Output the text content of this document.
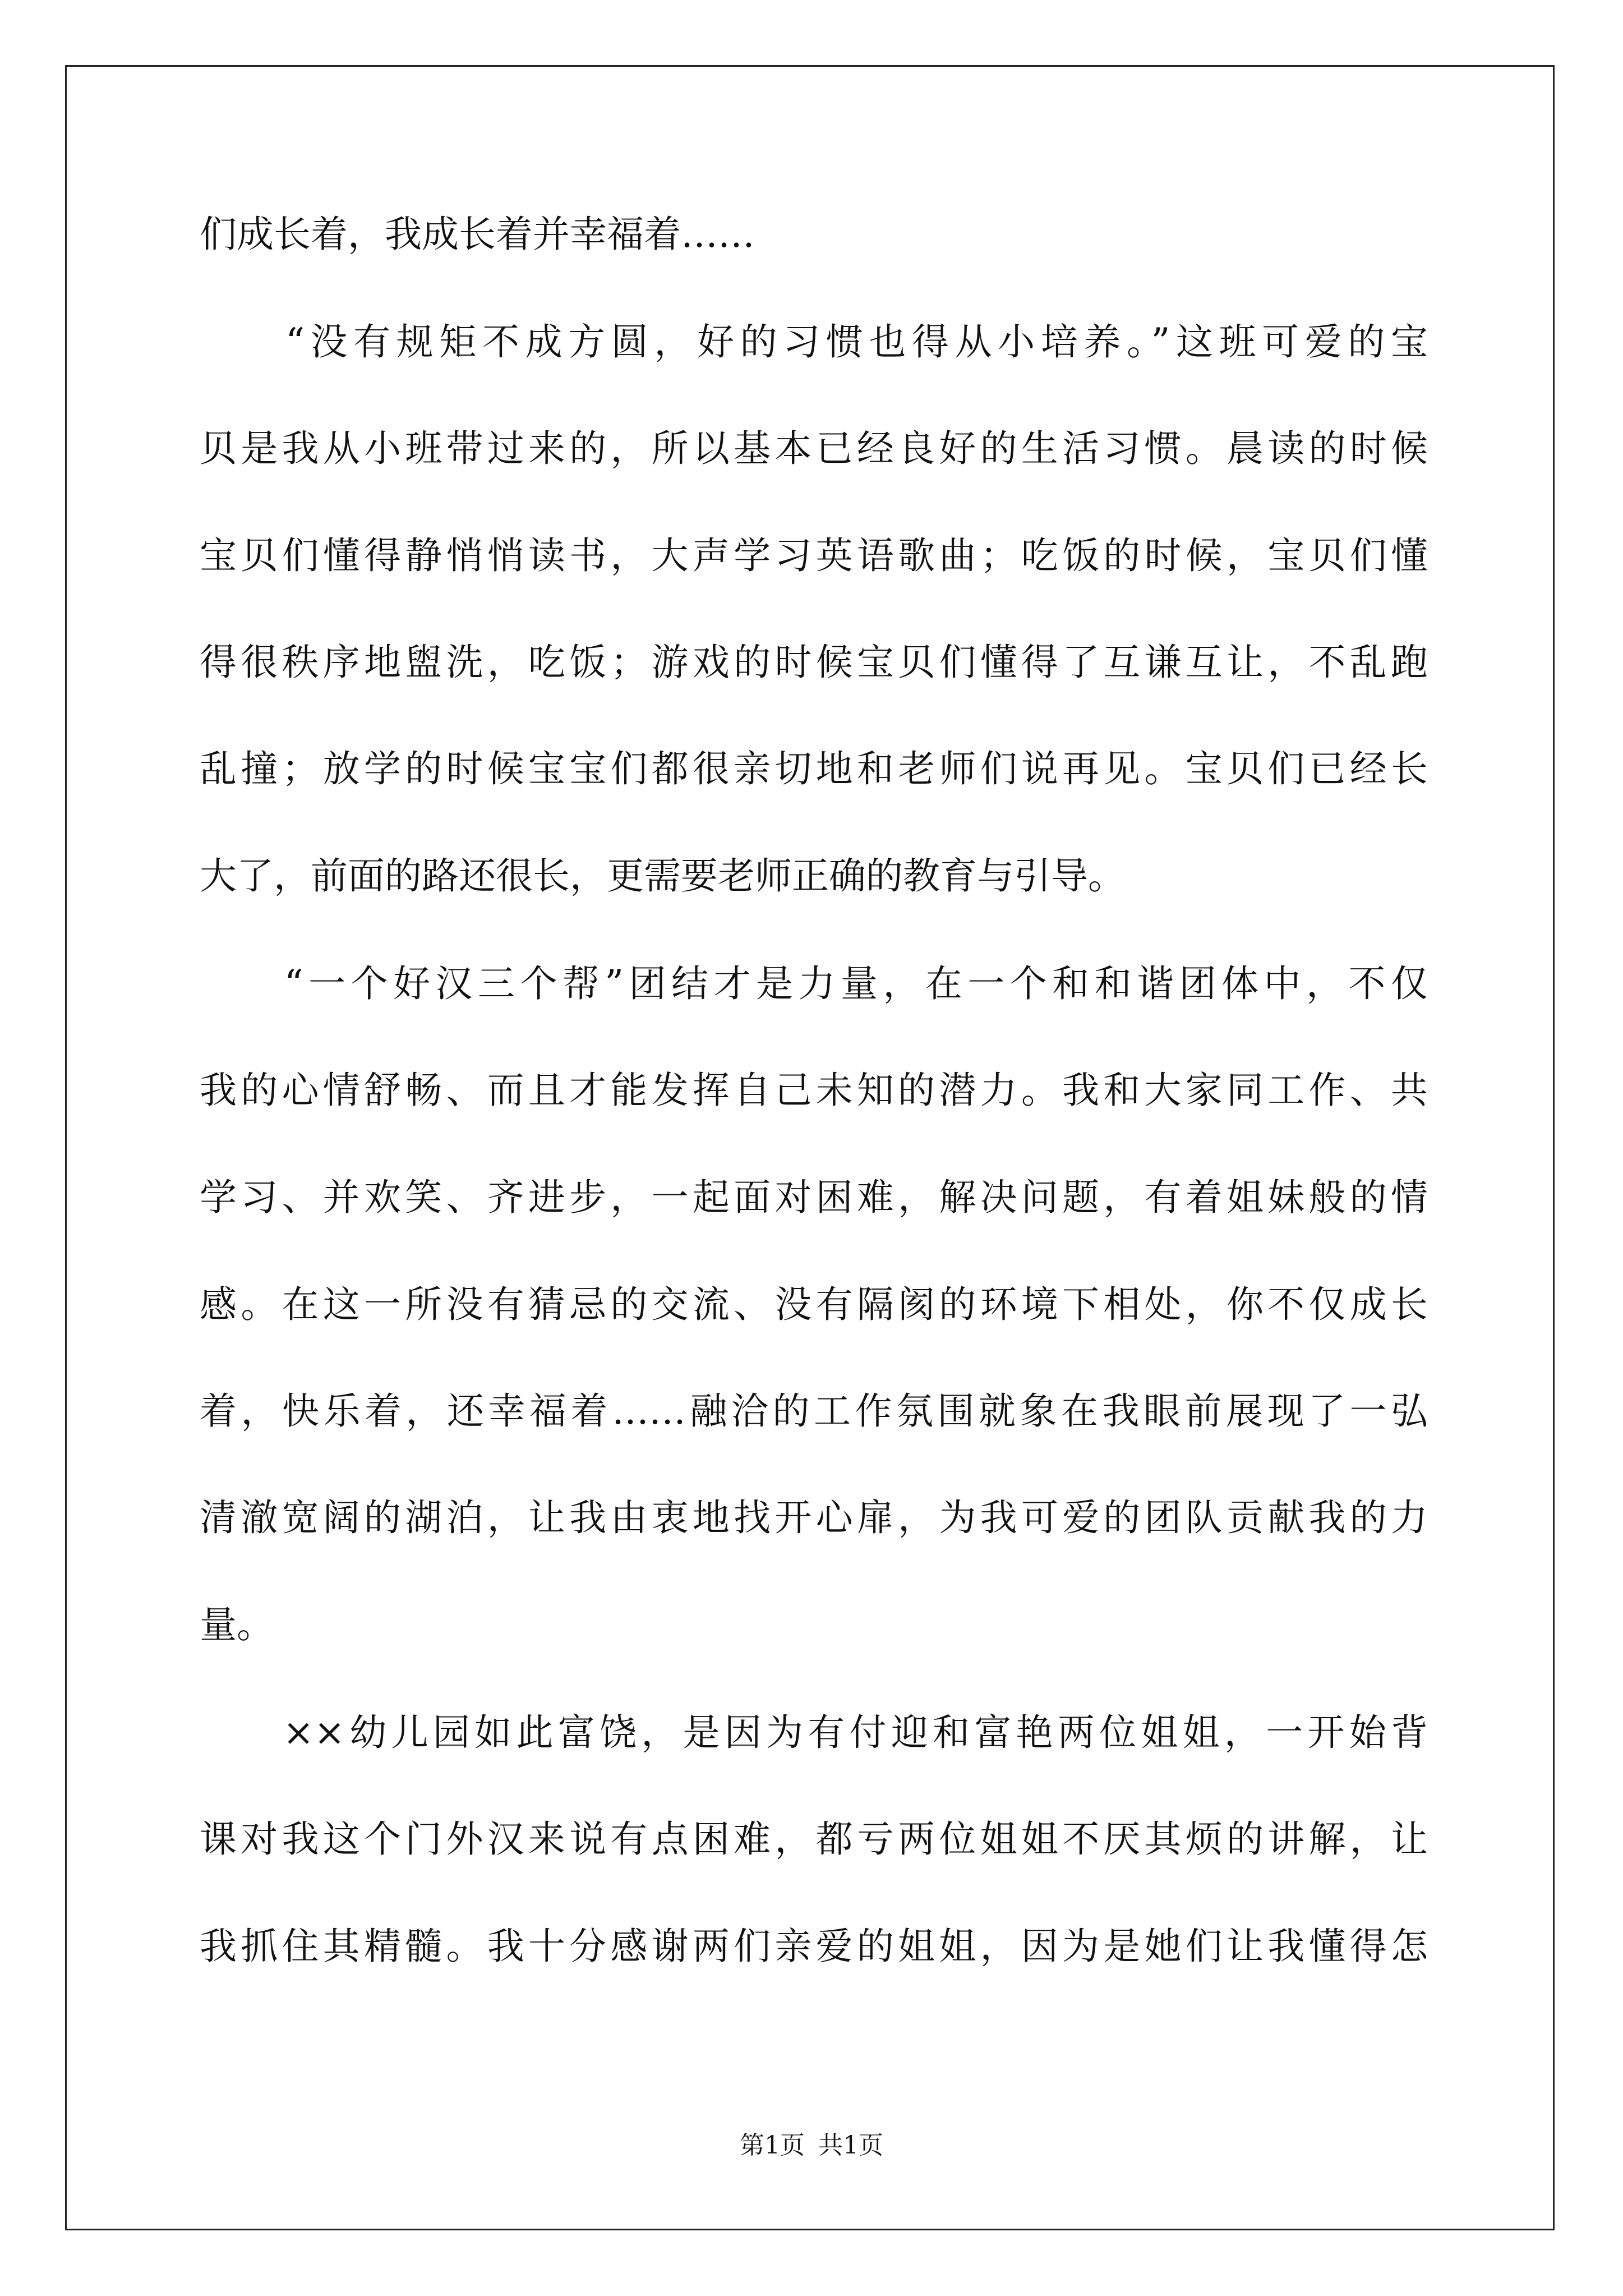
们成长着，我成长着并幸福着……
　　“没有规矩不成方圆，好的习惯也得从小培养。”这班可爱的宝
贝是我从小班带过来的，所以基本已经良好的生活习惯。晨读的时候
宝贝们懂得静悄悄读书，大声学习英语歌曲；吃饭的时候，宝贝们懂
得很秩序地盥洗，吃饭；游戏的时候宝贝们懂得了互谦互让，不乱跑
乱撞；放学的时候宝宝们都很亲切地和老师们说再见。宝贝们已经长
大了，前面的路还很长，更需要老师正确的教育与引导。
　　“一个好汉三个帮”团结才是力量，在一个和和谐团体中，不仅
我的心情舒畅、而且才能发挥自己未知的潜力。我和大家同工作、共
学习、并欢笑、齐进步，一起面对困难，解决问题，有着姐妹般的情
感。在这一所没有猜忌的交流、没有隔阂的环境下相处，你不仅成长
着，快乐着，还幸福着……融洽的工作氛围就象在我眼前展现了一弘
清澈宽阔的湖泊，让我由衷地找开心扉，为我可爱的团队贡献我的力
量。
　　××幼儿园如此富饶，是因为有付迎和富艳两位姐姐，一开始背
课对我这个门外汉来说有点困难，都亏两位姐姐不厌其烦的讲解，让
我抓住其精髓。我十分感谢两们亲爱的姐姐，因为是她们让我懂得怎
第1页 共1页
